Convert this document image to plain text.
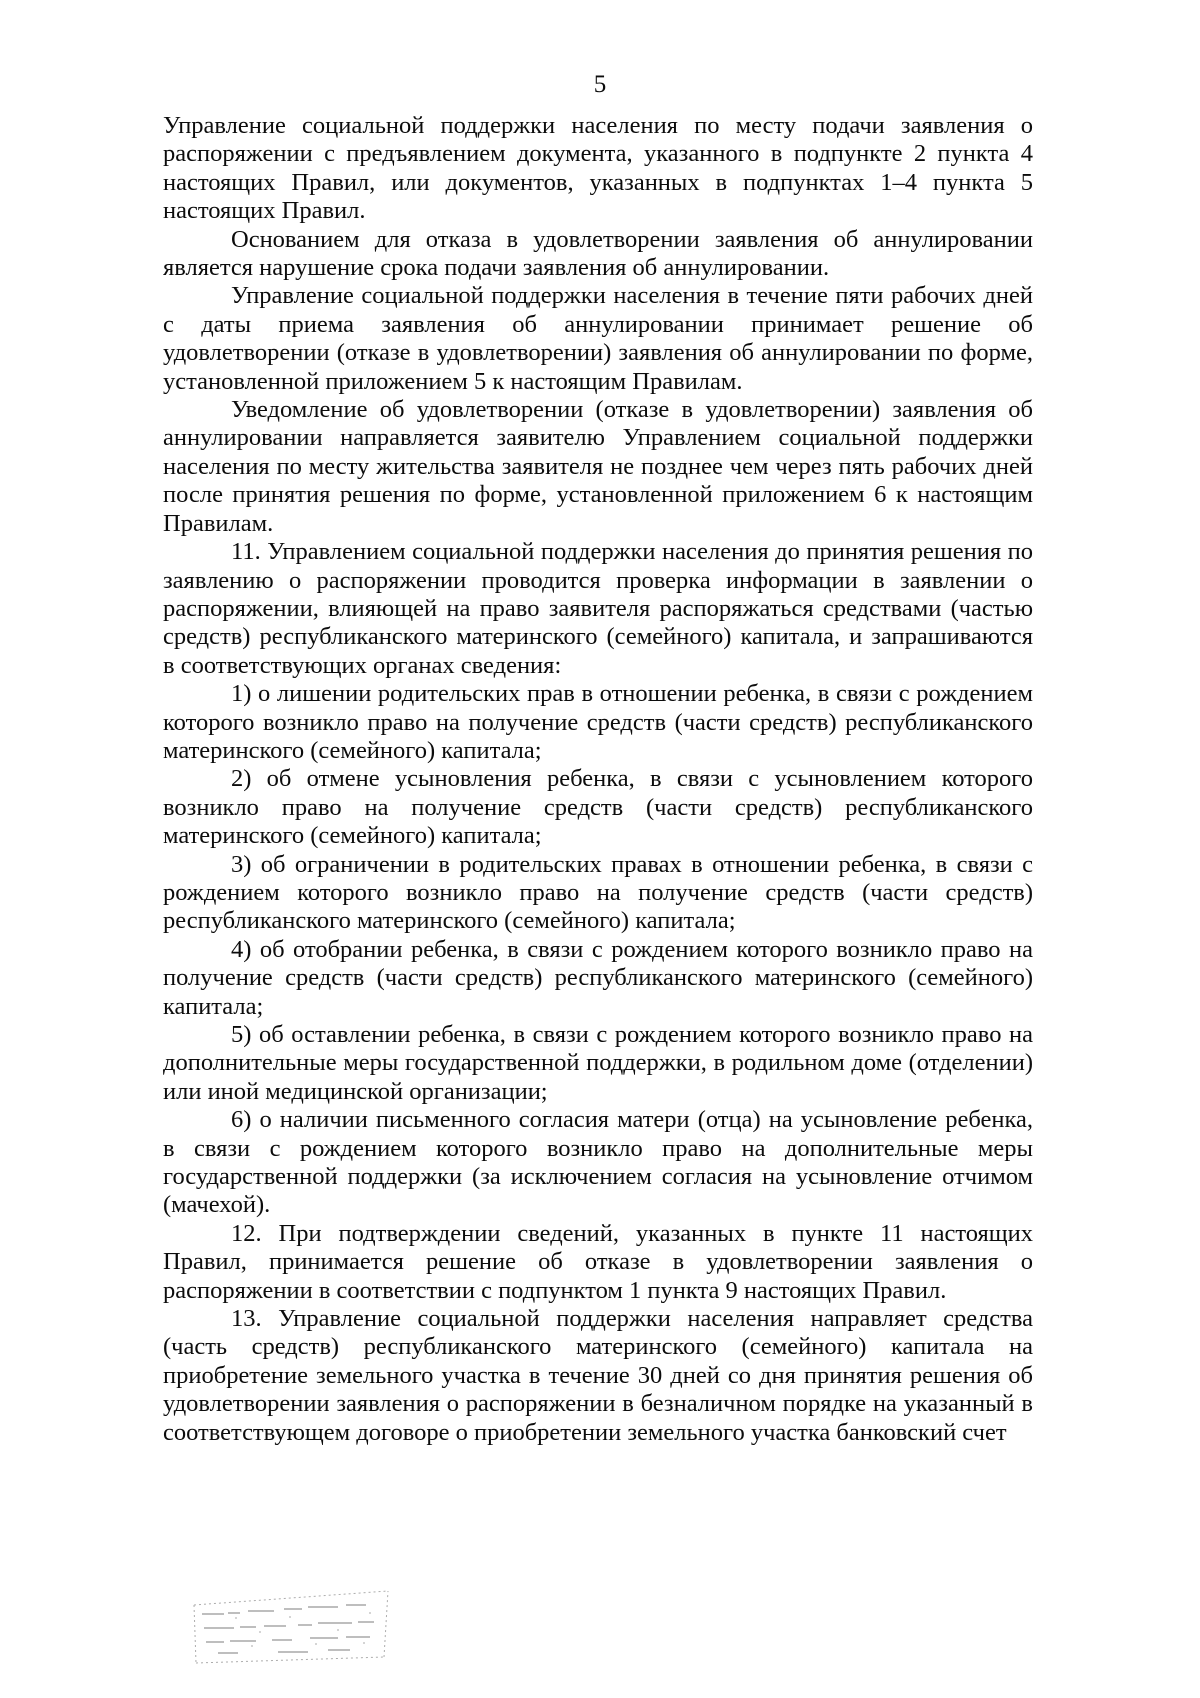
5

Управление социальной поддержки населения по месту подачи заявления о распоряжении с предъявлением документа, указанного в подпункте 2 пункта 4 настоящих Правил, или документов, указанных в подпунктах 1–4 пункта 5 настоящих Правил.

Основанием для отказа в удовлетворении заявления об аннулировании является нарушение срока подачи заявления об аннулировании.

Управление социальной поддержки населения в течение пяти рабочих дней с даты приема заявления об аннулировании принимает решение об удовлетворении (отказе в удовлетворении) заявления об аннулировании по форме, установленной приложением 5 к настоящим Правилам.

Уведомление об удовлетворении (отказе в удовлетворении) заявления об аннулировании направляется заявителю Управлением социальной поддержки населения по месту жительства заявителя не позднее чем через пять рабочих дней после принятия решения по форме, установленной приложением 6 к настоящим Правилам.

11. Управлением социальной поддержки населения до принятия решения по заявлению о распоряжении проводится проверка информации в заявлении о распоряжении, влияющей на право заявителя распоряжаться средствами (частью средств) республиканского материнского (семейного) капитала, и запрашиваются в соответствующих органах сведения:

1) о лишении родительских прав в отношении ребенка, в связи с рождением которого возникло право на получение средств (части средств) республиканского материнского (семейного) капитала;

2) об отмене усыновления ребенка, в связи с усыновлением которого возникло право на получение средств (части средств) республиканского материнского (семейного) капитала;

3) об ограничении в родительских правах в отношении ребенка, в связи с рождением которого возникло право на получение средств (части средств) республиканского материнского (семейного) капитала;

4) об отобрании ребенка, в связи с рождением которого возникло право на получение средств (части средств) республиканского материнского (семейного) капитала;

5) об оставлении ребенка, в связи с рождением которого возникло право на дополнительные меры государственной поддержки, в родильном доме (отделении) или иной медицинской организации;

6) о наличии письменного согласия матери (отца) на усыновление ребенка, в связи с рождением которого возникло право на дополнительные меры государственной поддержки (за исключением согласия на усыновление отчимом (мачехой).

12. При подтверждении сведений, указанных в пункте 11 настоящих Правил, принимается решение об отказе в удовлетворении заявления о распоряжении в соответствии с подпунктом 1 пункта 9 настоящих Правил.

13. Управление социальной поддержки населения направляет средства (часть средств) республиканского материнского (семейного) капитала на приобретение земельного участка в течение 30 дней со дня принятия решения об удовлетворении заявления о распоряжении в безналичном порядке на указанный в соответствующем договоре о приобретении земельного участка банковский счет
